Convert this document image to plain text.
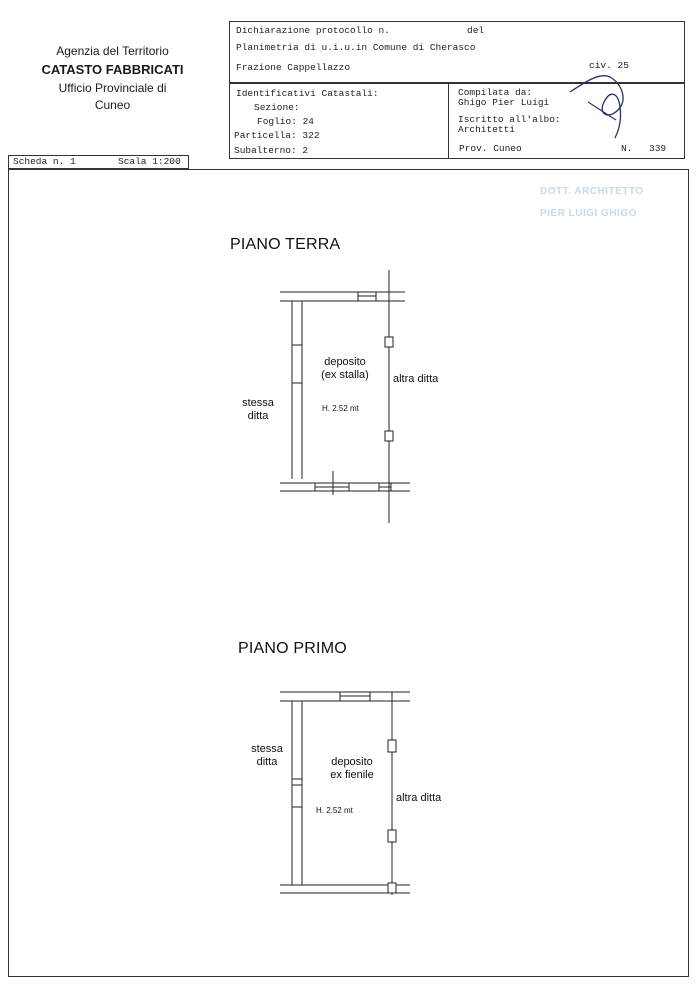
Agenzia del Territorio
CATASTO FABBRICATI
Ufficio Provinciale di
Cuneo
Dichiarazione protocollo n.	del
Planimetria di u.i.u.in Comune di Cherasco
Frazione Cappellazzo	civ. 25
Identificativi Catastali:
Sezione:
Foglio: 24
Particella: 322
Subalterno: 2
Compilata da:
Ghigo Pier Luigi
Iscritto all'albo:
Architetti
Prov. Cuneo	N. 339
DOTT. ARCHITETTO
PIER LUIGI GHIGO
Scheda n. 1	Scala 1:200
PIANO TERRA
deposito
(ex stalla)
H. 2.52 mt
stessa
ditta
altra ditta
PIANO PRIMO
deposito
ex fienile
H. 2.52 mt
stessa
ditta
altra ditta
